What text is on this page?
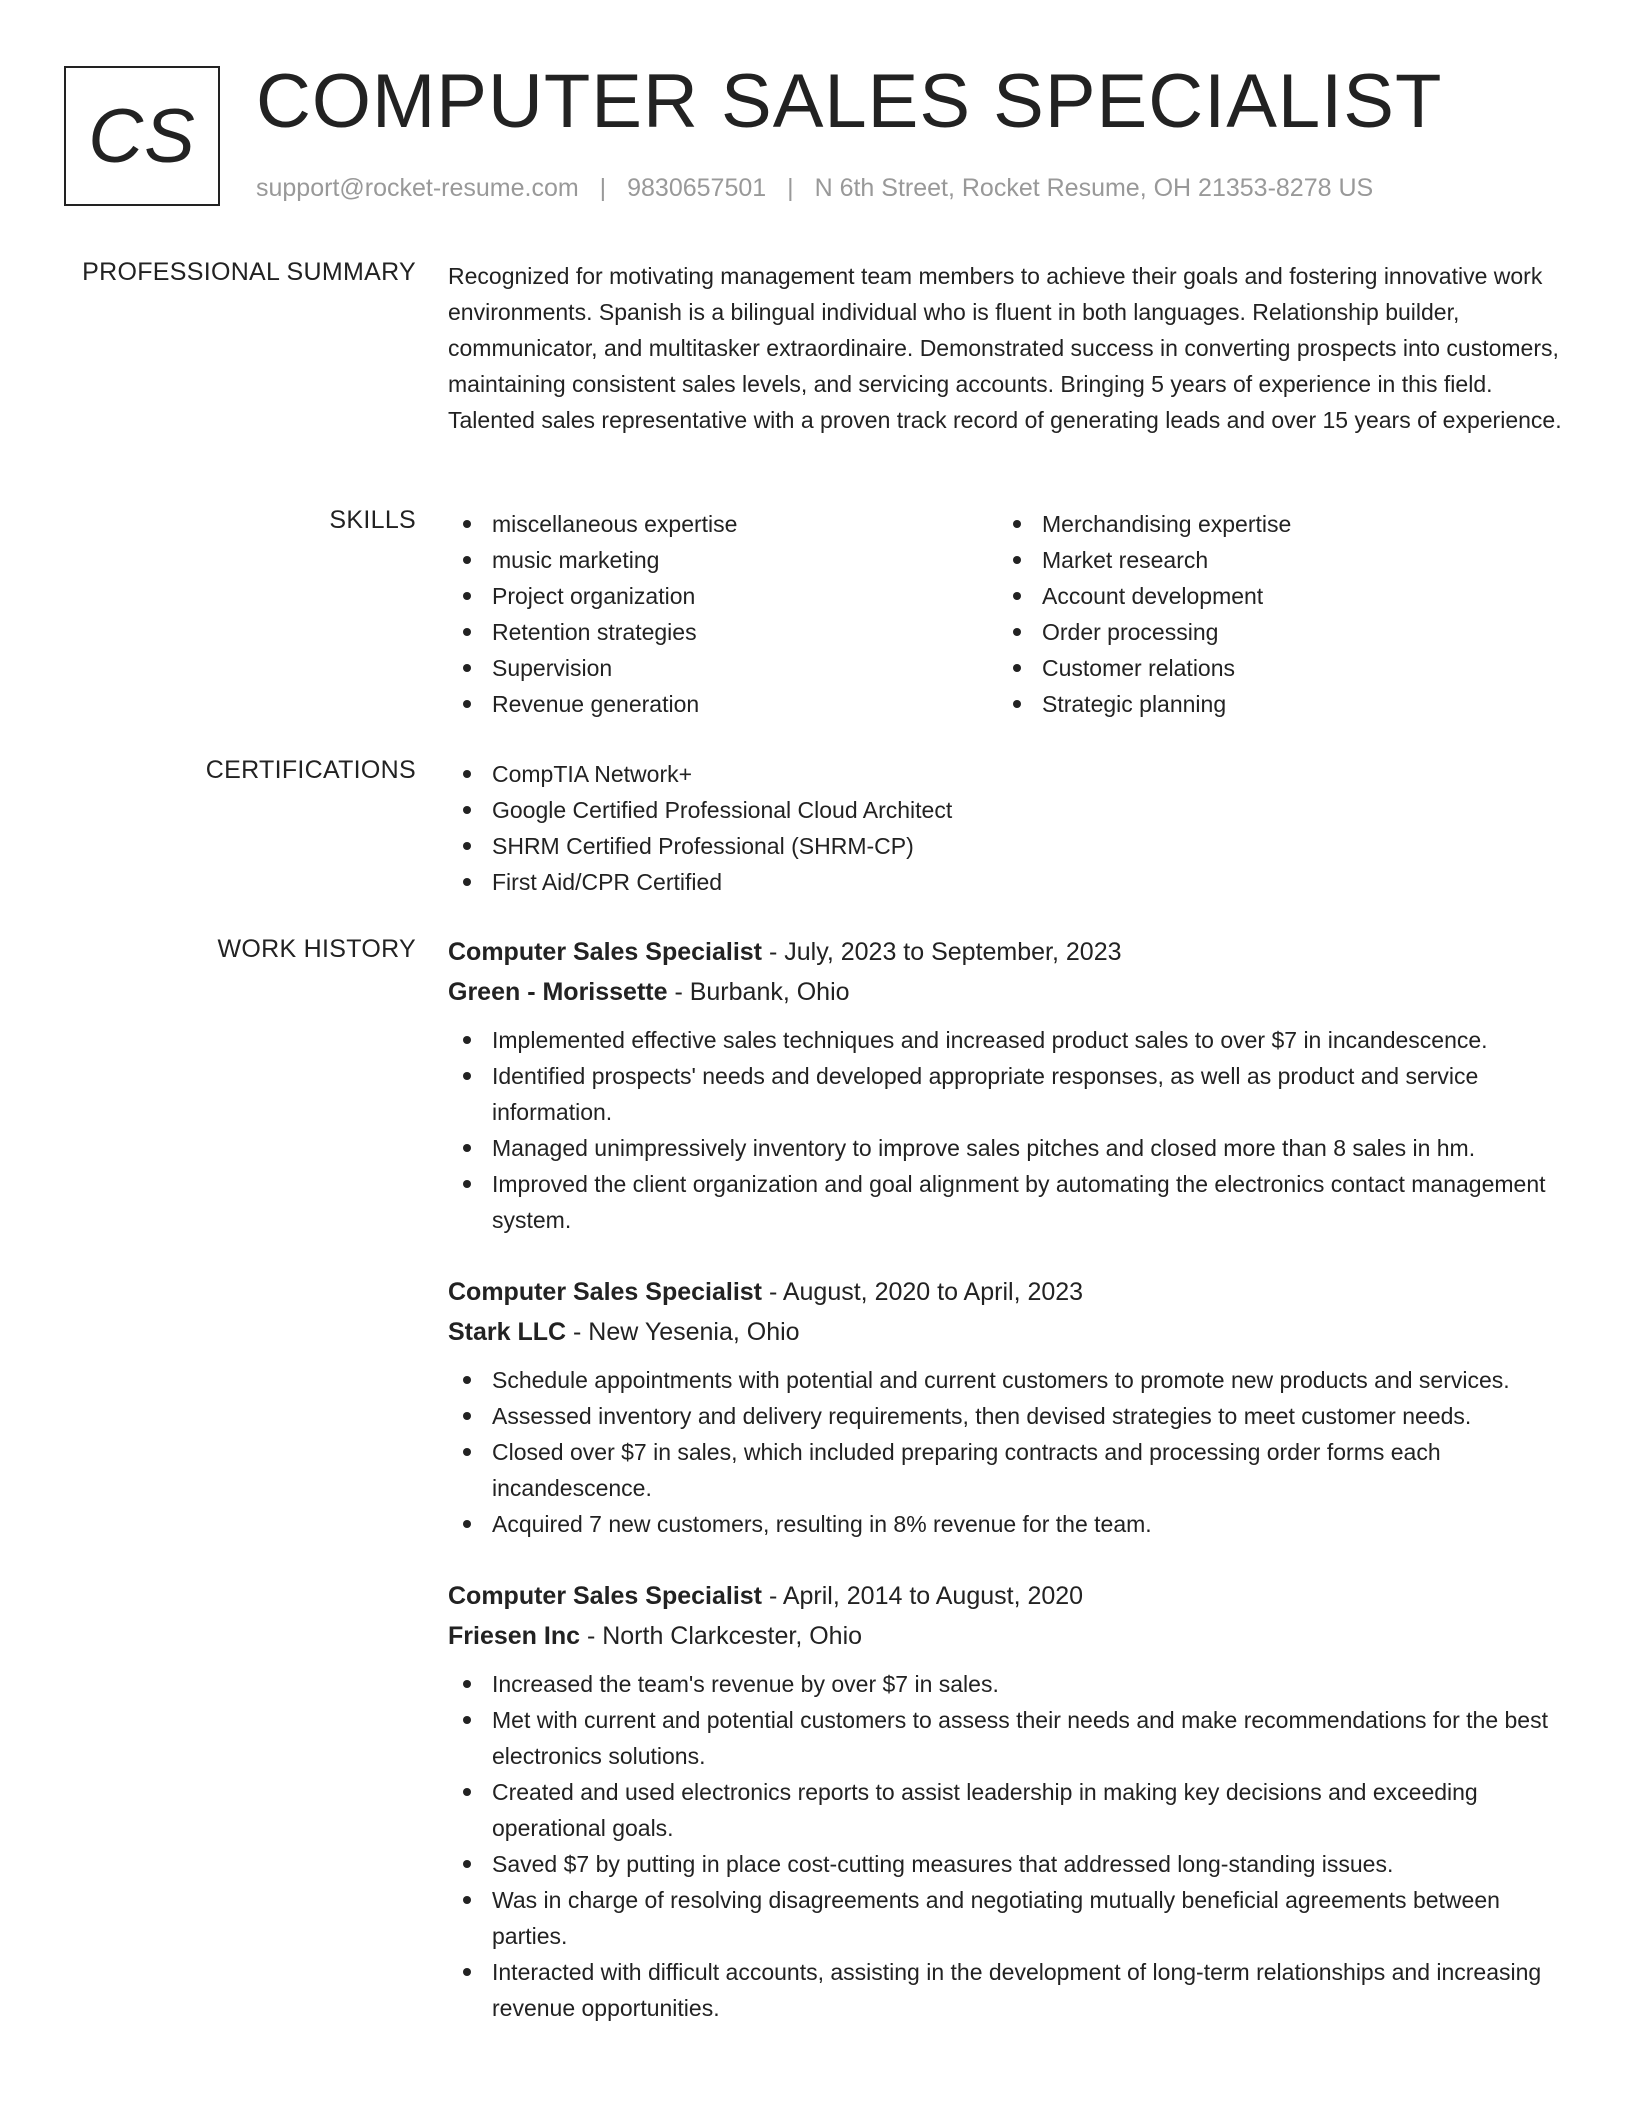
CS COMPUTER SALES SPECIALIST
support@rocket-resume.com | 9830657501 | N 6th Street, Rocket Resume, OH 21353-8278 US
PROFESSIONAL SUMMARY Recognized for motivating management team members to achieve their goals and fostering innovative work environments. Spanish is a bilingual individual who is fluent in both languages. Relationship builder, communicator, and multitasker extraordinaire. Demonstrated success in converting prospects into customers, maintaining consistent sales levels, and servicing accounts. Bringing 5 years of experience in this field. Talented sales representative with a proven track record of generating leads and over 15 years of experience.

SKILLS	miscellaneous expertise
music marketing
Project organization
Retention strategies
Supervision
Revenue generation
Merchandising expertise
Market research
Account development
Order processing
Customer relations
Strategic planning
CERTIFICATIONS	CompTIA Network+
Google Certified Professional Cloud Architect
SHRM Certified Professional (SHRM-CP)
First Aid/CPR Certified
WORK HISTORY Computer Sales Specialist - July, 2023 to September, 2023
Green - Morissette - Burbank, Ohio
Implemented effective sales techniques and increased product sales to over $7 in incandescence.
Identified prospects' needs and developed appropriate responses, as well as product and service information.
Managed unimpressively inventory to improve sales pitches and closed more than 8 sales in hm.
Improved the client organization and goal alignment by automating the electronics contact management system.
Computer Sales Specialist - August, 2020 to April, 2023
Stark LLC - New Yesenia, Ohio
Schedule appointments with potential and current customers to promote new products and services.
Assessed inventory and delivery requirements, then devised strategies to meet customer needs.
Closed over $7 in sales, which included preparing contracts and processing order forms each incandescence.
Acquired 7 new customers, resulting in 8% revenue for the team.
Computer Sales Specialist - April, 2014 to August, 2020
Friesen Inc - North Clarkcester, Ohio
Increased the team's revenue by over $7 in sales.
Met with current and potential customers to assess their needs and make recommendations for the best electronics solutions.
Created and used electronics reports to assist leadership in making key decisions and exceeding operational goals.
Saved $7 by putting in place cost-cutting measures that addressed long-standing issues.
Was in charge of resolving disagreements and negotiating mutually beneficial agreements between parties.
Interacted with difficult accounts, assisting in the development of long-term relationships and increasing revenue opportunities.
